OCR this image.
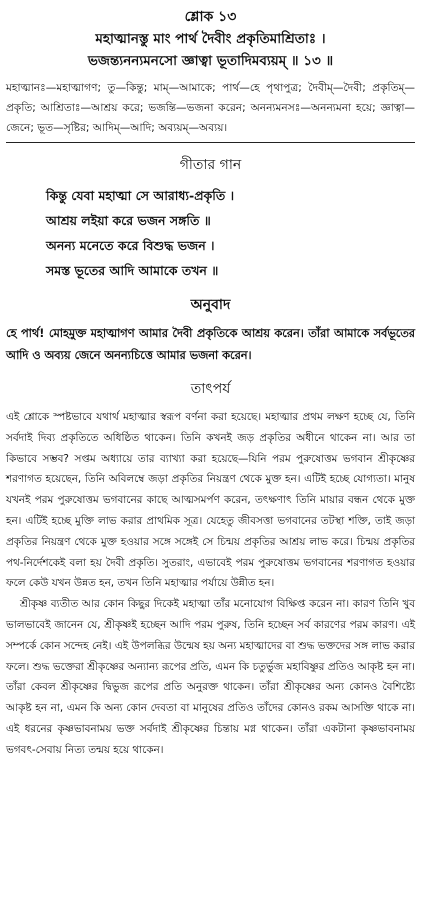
শ্লোক ১৩
মহাত্মানস্তু মাং পার্থ দৈবীং প্রকৃতিমাশ্রিতাঃ ।
ভজন্ত্যনন্যমনসো জ্ঞাত্বা ভূতাদিমব্যয়ম্ ॥ ১৩ ॥
মহাত্মানঃ—মহাত্মাগণ; তু—কিন্তু; মাম্—আমাকে; পার্থ—হে পৃথাপুত্র; দৈবীম্—দৈবী; প্রকৃতিম্—প্রকৃতি; আশ্রিতাঃ—আশ্রয় করে; ভজন্তি—ভজনা করেন; অনন্যমনসঃ—অনন্যমনা হয়ে; জ্ঞাত্বা—জেনে; ভূত—সৃষ্টির; আদিম্—আদি; অব্যয়ম্—অব্যয়।
গীতার গান
কিন্তু যেবা মহাত্মা সে আরাধ্য-প্রকৃতি ।
আশ্রয় লইয়া করে ভজন সঙ্গতি ॥
অনন্য মনেতে করে বিশুদ্ধ ভজন ।
সমস্ত ভূতের আদি আমাকে তখন ॥
অনুবাদ
হে পার্থ! মোহমুক্ত মহাত্মাগণ আমার দৈবী প্রকৃতিকে আশ্রয় করেন। তাঁরা আমাকে সর্বভূতের আদি ও অব্যয় জেনে অনন্যচিত্তে আমার ভজনা করেন।
তাৎপর্য

এই শ্লোকে স্পষ্টভাবে যথার্থ মহাত্মার স্বরূপ বর্ণনা করা হয়েছে। মহাত্মার প্রথম লক্ষণ হচ্ছে যে, তিনি সর্বদাই দিব্য প্রকৃতিতে অধিষ্ঠিত থাকেন। তিনি কখনই জড় প্রকৃতির অধীনে থাকেন না। আর তা কিভাবে সম্ভব? সপ্তম অধ্যায়ে তার ব্যাখ্যা করা হয়েছে—যিনি পরম পুরুষোত্তম ভগবান শ্রীকৃষ্ণের শরণাগত হয়েছেন, তিনি অবিলম্বে জড়া প্রকৃতির নিয়ন্ত্রণ থেকে মুক্ত হন। এটিই হচ্ছে যোগ্যতা। মানুষ যখনই পরম পুরুষোত্তম ভগবানের কাছে আত্মসমর্পণ করেন, তৎক্ষণাৎ তিনি মায়ার বন্ধন থেকে মুক্ত হন। এটিই হচ্ছে মুক্তি লাভ করার প্রাথমিক সূত্র। যেহেতু জীবসত্তা ভগবানের তটস্থা শক্তি, তাই জড়া প্রকৃতির নিয়ন্ত্রণ থেকে মুক্ত হওয়ার সঙ্গে সঙ্গেই সে চিন্ময় প্রকৃতির আশ্রয় লাভ করে। চিন্ময় প্রকৃতির পথ-নির্দেশকেই বলা হয় দৈবী প্রকৃতি। সুতরাং, এভাবেই পরম পুরুষোত্তম ভগবানের শরণাগত হওয়ার ফলে কেউ যখন উন্নত হন, তখন তিনি মহাত্মার পর্যায়ে উন্নীত হন।

শ্রীকৃষ্ণ ব্যতীত আর কোন কিছুর দিকেই মহাত্মা তাঁর মনোযোগ বিক্ষিপ্ত করেন না। কারণ তিনি খুব ভালভাবেই জানেন যে, শ্রীকৃষ্ণই হচ্ছেন আদি পরম পুরুষ, তিনি হচ্ছেন সর্ব কারণের পরম কারণ। এই সম্পর্কে কোন সন্দেহ নেই। এই উপলব্ধির উন্মেষ হয় অন্য মহাত্মাদের বা শুদ্ধ ভক্তদের সঙ্গ লাভ করার ফলে। শুদ্ধ ভক্তেরা শ্রীকৃষ্ণের অন্যান্য রূপের প্রতি, এমন কি চতুর্ভুজ মহাবিষ্ণুর প্রতিও আকৃষ্ট হন না। তাঁরা কেবল শ্রীকৃষ্ণের দ্বিভুজ রূপের প্রতি অনুরক্ত থাকেন। তাঁরা শ্রীকৃষ্ণের অন্য কোনও বৈশিষ্ট্যে আকৃষ্ট হন না, এমন কি অন্য কোন দেবতা বা মানুষের প্রতিও তাঁদের কোনও রকম আসক্তি থাকে না। এই ধরনের কৃষ্ণভাবনাময় ভক্ত সর্বদাই শ্রীকৃষ্ণের চিন্তায় মগ্ন থাকেন। তাঁরা একটানা কৃষ্ণভাবনাময় ভগবৎ-সেবায় নিত্য তন্ময় হয়ে থাকেন।
